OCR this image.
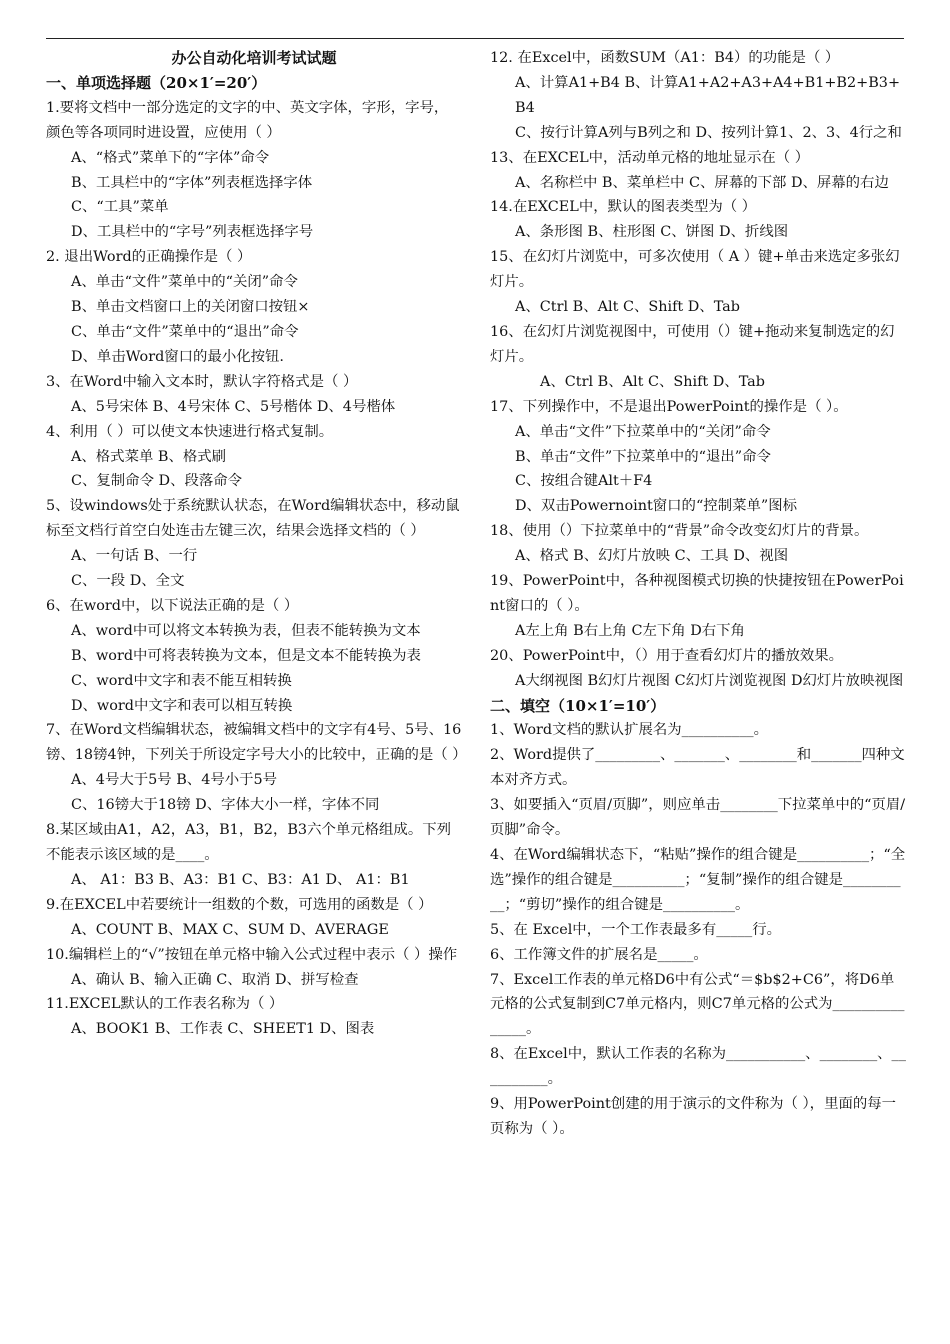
办公自动化培训考试试题

一、单项选择题（20×1′=20′）

1.要将文档中一部分选定的文字的中、英文字体，字形，字号，颜色等各项同时进设置，应使用（ ）

A、“格式”菜单下的“字体”命令

B、工具栏中的“字体”列表框选择字体

C、“工具”菜单

D、工具栏中的“字号”列表框选择字号

2. 退出Word的正确操作是（ ）

A、单击“文件”菜单中的“关闭”命令

B、单击文档窗口上的关闭窗口按钮×

C、单击“文件”菜单中的“退出”命令

D、单击Word窗口的最小化按钮.

3、在Word中输入文本时，默认字符格式是（ ）

A、5号宋体 B、4号宋体 C、5号楷体 D、4号楷体

4、利用（ ）可以使文本快速进行格式复制。

A、格式菜单 B、格式刷

C、复制命令 D、段落命令

5、设windows处于系统默认状态，在Word编辑状态中，移动鼠标至文档行首空白处连击左键三次，结果会选择文档的（ ）

A、一句话 B、一行

C、一段 D、全文

6、在word中，以下说法正确的是（ ）

A、word中可以将文本转换为表，但表不能转换为文本

B、word中可将表转换为文本，但是文本不能转换为表

C、word中文字和表不能互相转换

D、word中文字和表可以相互转换

7、在Word文档编辑状态，被编辑文档中的文字有4号、5号、16镑、18镑4钟，下列关于所设定字号大小的比较中，正确的是（ ）

A、4号大于5号 B、4号小于5号

C、16镑大于18镑 D、字体大小一样，字体不同

8.某区域由A1，A2，A3，B1，B2，B3六个单元格组成。下列不能表示该区域的是____。

A、 A1：B3 B、A3：B1 C、B3：A1 D、 A1：B1

9.在EXCEL中若要统计一组数的个数，可选用的函数是（ ）

A、COUNT B、MAX C、SUM D、AVERAGE

10.编辑栏上的“√”按钮在单元格中输入公式过程中表示（ ）操作

A、确认 B、输入正确 C、取消 D、拼写检查

11.EXCEL默认的工作表名称为（ ）

A、BOOK1 B、工作表 C、SHEET1 D、图表

12. 在Excel中，函数SUM（A1：B4）的功能是（ ）

A、计算A1+B4 B、计算A1+A2+A3+A4+B1+B2+B3+B4

C、按行计算A列与B列之和 D、按列计算1、2、3、4行之和

13、在EXCEL中，活动单元格的地址显示在（ ）

A、名称栏中 B、菜单栏中 C、屏幕的下部 D、屏幕的右边

14.在EXCEL中，默认的图表类型为（ ）

A、条形图 B、柱形图 C、饼图 D、折线图

15、在幻灯片浏览中，可多次使用（ A ）键+单击来选定多张幻灯片。

A、Ctrl B、Alt C、Shift D、Tab

16、在幻灯片浏览视图中，可使用（）键+拖动来复制选定的幻灯片。

A、Ctrl B、Alt C、Shift D、Tab

17、下列操作中，不是退出PowerPoint的操作是（ ）。

A、单击“文件”下拉菜单中的“关闭”命令

B、单击“文件”下拉菜单中的“退出”命令

C、按组合键Alt＋F4

D、双击Powernoint窗口的“控制菜单”图标

18、使用（）下拉菜单中的“背景”命令改变幻灯片的背景。

A、格式 B、幻灯片放映 C、工具 D、视图

19、PowerPoint中，各种视图模式切换的快捷按钮在PowerPoint窗口的（ ）。

A左上角 B右上角 C左下角 D右下角

20、PowerPoint中，（）用于查看幻灯片的播放效果。

A大纲视图 B幻灯片视图 C幻灯片浏览视图 D幻灯片放映视图

二、填空（10×1′=10′）

1、Word文档的默认扩展名为__________。

2、Word提供了_________、_______、________和_______四种文本对齐方式。

3、如要插入“页眉/页脚”，则应单击________下拉菜单中的“页眉/页脚”命令。

4、在Word编辑状态下，“粘贴”操作的组合键是__________；“全选”操作的组合键是__________；“复制”操作的组合键是__________；“剪切”操作的组合键是__________。

5、在 Excel中，一个工作表最多有_____行。

6、工作簿文件的扩展名是_____。

7、Excel工作表的单元格D6中有公式“＝$b$2+C6”，将D6单元格的公式复制到C7单元格内，则C7单元格的公式为_______________。

8、在Excel中，默认工作表的名称为___________、________、__________。

9、用PowerPoint创建的用于演示的文件称为（ ），里面的每一页称为（ ）。
